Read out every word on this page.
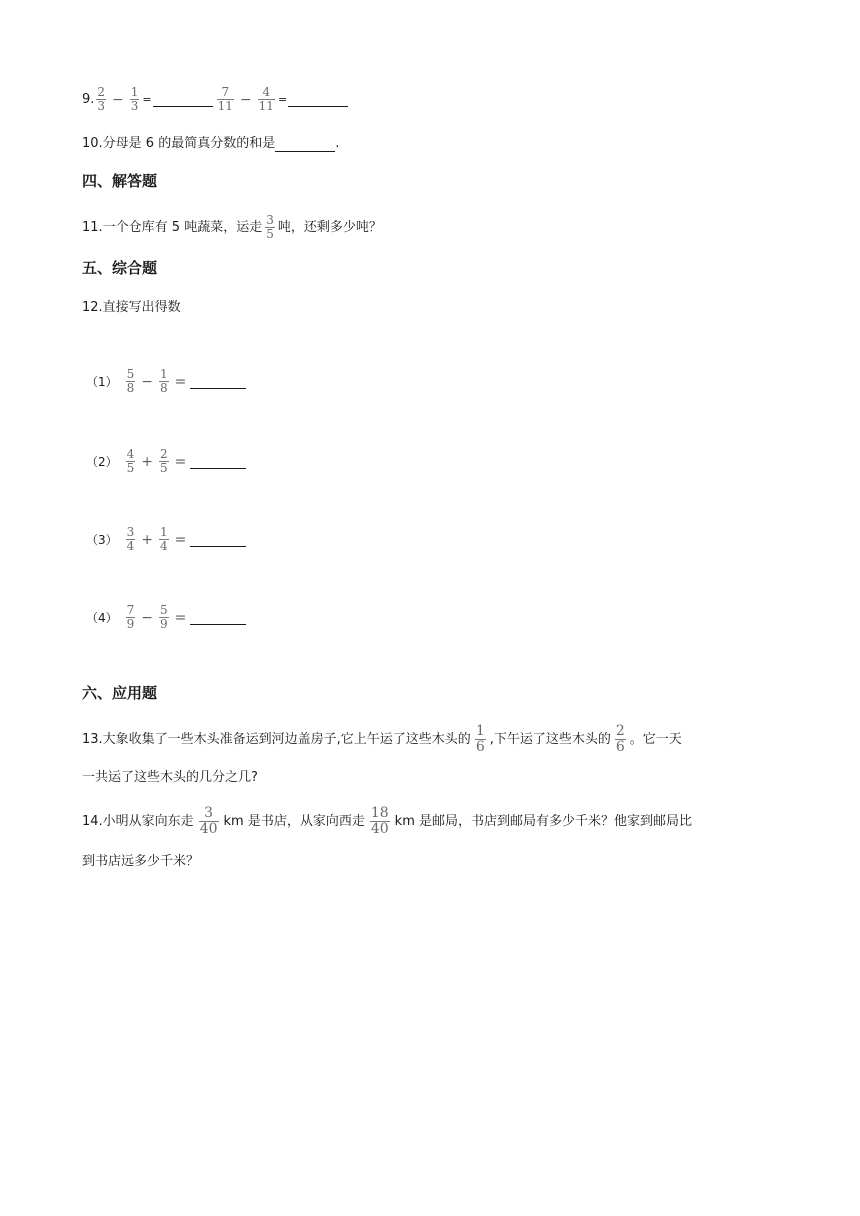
9. $\frac{2}{3} - \frac{1}{3}$ =	$\frac{7}{11} - \frac{4}{11}$ =
10.分母是 6 的最简真分数的和是	.
四、解答题
11.一个仓库有 5 吨蔬菜，运走 $\frac{3}{5}$ 吨，还剩多少吨？
五、综合题
12.直接写出得数
$(1) \frac{5}{8} - \frac{1}{8}$ =
$(2) \frac{4}{5} + \frac{2}{5}$ =
$(3) \frac{3}{4} + \frac{1}{4}$ =
$(4) \frac{7}{9} - \frac{5}{9}$ =
六、应用题
13.大象收集了一些木头准备运到河边盖房子,它上午运了这些木头的 $\frac{1}{6}$ ,下午运了这些木头的 $\frac{2}{6}$ 。它一天
一共运了这些木头的几分之几?
14.小明从家向东走 $\frac{3}{40}$ km 是书店，从家向西走 $\frac{18}{40}$ km 是邮局，书店到邮局有多少千米？他家到邮局比
到书店远多少千米？
